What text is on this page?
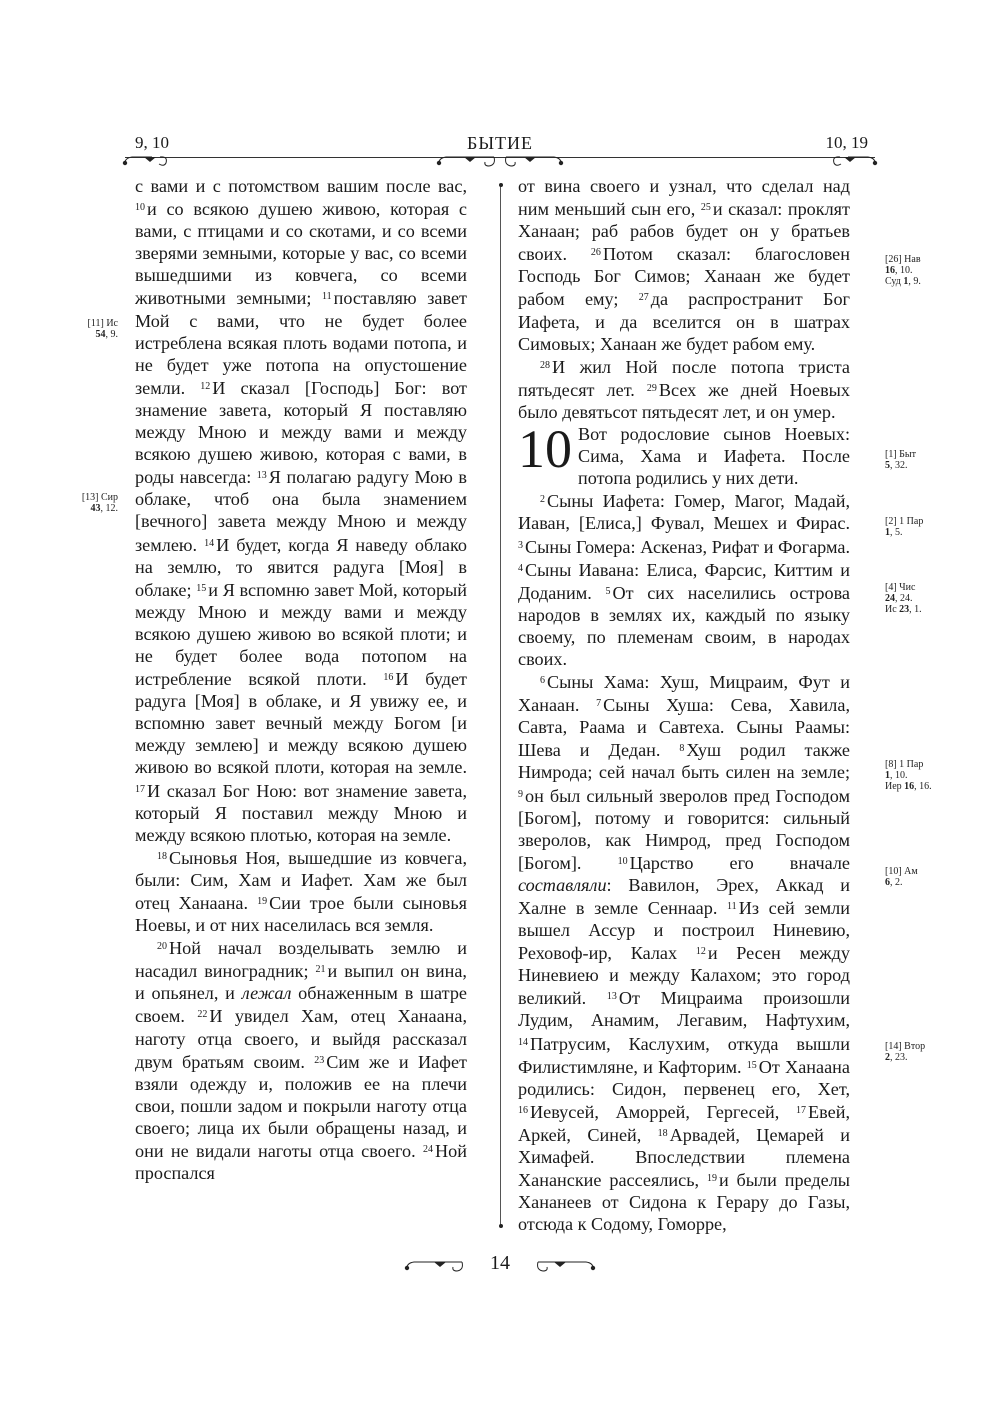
9, 10	БЫТИЕ	10, 19

с вами и с потомством вашим после вас, $^{10}$ и со всякою душею живою, которая с вами, с птицами и со скотами, и со всеми зверями земными, которые у вас, со всеми вышедшими из ковчега, со всеми животными земными; $^{11}$ поставляю завет Мой с вами, что не будет более истреблена всякая плоть водами потопа, и не будет уже потопа на опустошение земли. $^{12}$ И сказал [Господь] Бог: вот знамение завета, который Я поставляю между Мною и между вами и между всякою душею живою, которая с вами, в роды навсегда: $^{13}$ Я полагаю радугу Мою в облаке, чтоб она была знамением [вечного] завета между Мною и между землею. $^{14}$ И будет, когда Я наведу облако на землю, то явится радуга [Моя] в облаке; $^{15}$ и Я вспомню завет Мой, который между Мною и между вами и между всякою душею живою во всякой плоти; и не будет более вода потопом на истребление всякой плоти. $^{16}$ И будет радуга [Моя] в облаке, и Я увижу ее, и вспомню завет вечный между Богом [и между землею] и между всякою душею живою во всякой плоти, которая на земле. $^{17}$ И сказал Бог Ною: вот знамение завета, который Я поставил между Мною и между всякою плотью, которая на земле.

$^{18}$ Сыновья Ноя, вышедшие из ковчега, были: Сим, Хам и Иафет. Хам же был отец Ханаана. $^{19}$ Сии трое были сыновья Ноевы, и от них населилась вся земля.

$^{20}$ Ной начал возделывать землю и насадил виноградник; $^{21}$ и выпил он вина, и опьянел, и лежал обнаженным в шатре своем. $^{22}$ И увидел Хам, отец Ханаана, наготу отца своего, и выйдя рассказал двум братьям своим. $^{23}$ Сим же и Иафет взяли одежду и, положив ее на плечи свои, пошли задом и покрыли наготу отца своего; лица их были обращены назад, и они не видали наготы отца своего. $^{24}$ Ной проспался

от вина своего и узнал, что сделал над ним меньший сын его, $^{25}$ и сказал: проклят Ханаан; раб рабов будет он у братьев своих. $^{26}$ Потом сказал: благословен Господь Бог Симов; Ханаан же будет рабом ему; $^{27}$ да распространит Бог Иафета, и да вселится он в шатрах Симовых; Ханаан же будет рабом ему.

$^{28}$ И жил Ной после потопа триста пятьдесят лет. $^{29}$ Всех же дней Ноевых было девятьсот пятьдесят лет, и он умер.

10 Вот родословие сынов Ноевых: Сима, Хама и Иафета. После потопа родились у них дети.

$^2$ Сыны Иафета: Гомер, Магог, Мадай, Иаван, [Елиса,] Фувал, Мешех и Фирас. $^3$ Сыны Гомера: Аскеназ, Рифат и Фогарма. $^4$ Сыны Иавана: Елиса, Фарсис, Киттим и Доданим. $^5$ От сих населились острова народов в землях их, каждый по языку своему, по племенам своим, в народах своих.

$^6$ Сыны Хама: Хуш, Мицраим, Фут и Ханаан. $^7$ Сыны Хуша: Сева, Хавила, Савта, Раама и Савтеха. Сыны Раамы: Шева и Дедан. $^8$ Хуш родил также Нимрода; сей начал быть силен на земле; $^9$ он был сильный зверолов пред Господом [Богом], потому и говорится: сильный зверолов, как Нимрод, пред Господом [Богом]. $^{10}$ Царство его вначале составляли: Вавилон, Эрех, Аккад и Халне в земле Сеннаар. $^{11}$ Из сей земли вышел Ассур и построил Ниневию, Реховоф-ир, Калах $^{12}$ и Ресен между Ниневиею и между Калахом; это город великий. $^{13}$ От Мицраима произошли Лудим, Анамим, Легавим, Нафтухим, $^{14}$ Патрусим, Каслухим, откуда вышли Филистимляне, и Кафторим. $^{15}$ От Ханаана родились: Сидон, первенец его, Хет, $^{16}$ Иевусей, Аморрей, Гергесей, $^{17}$ Евей, Аркей, Синей, $^{18}$ Арвадей, Цемарей и Химафей. Впоследствии племена Хананские рассеялись, $^{19}$ и были пределы Хананеев от Сидона к Герару до Газы, отсюда к Содому, Гоморре,

[11] Ис
54, 9.
[13] Сир
43, 12.
[26] Нав
16, 10.
Суд 1, 9.
[1] Быт
5, 32.
[2] 1 Пар
1, 5.
[4] Чис
24, 24.
Ис 23, 1.
[8] 1 Пар
1, 10.
Иер 16, 16.
[10] Ам
6, 2.
[14] Втор
2, 23.
14
